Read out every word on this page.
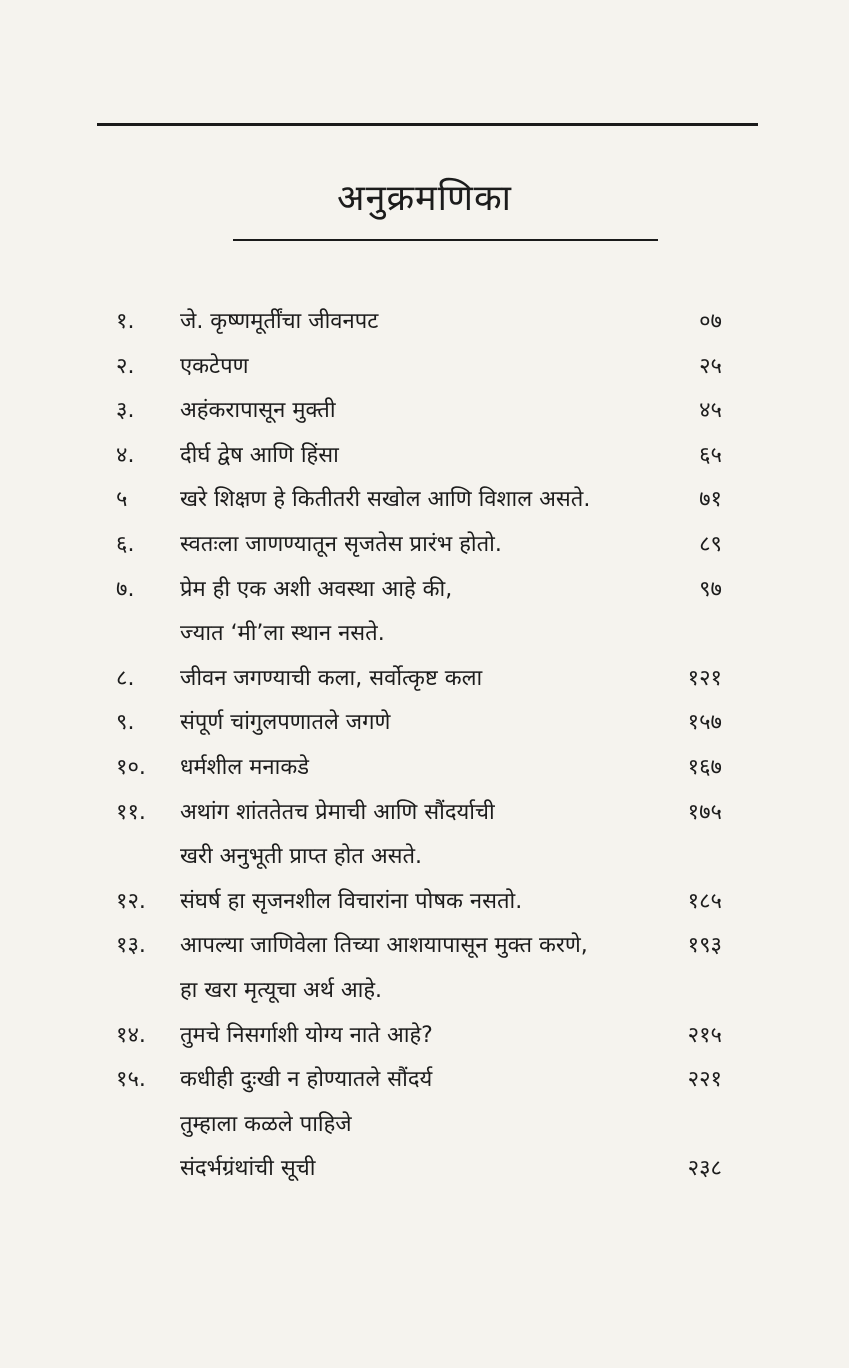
अनुक्रमणिका
१. जे. कृष्णमूर्तींचा जीवनपट	०७
२. एकटेपण	२५
३. अहंकरापासून मुक्ती	४५
४. दीर्घ द्वेष आणि हिंसा	६५
५ खरे शिक्षण हे कितीतरी सखोल आणि विशाल असते.	७१
६. स्वतःला जाणण्यातून सृजतेस प्रारंभ होतो.	८९
७. प्रेम ही एक अशी अवस्था आहे की,	९७
ज्यात ‘मी’ला स्थान नसते.
८. जीवन जगण्याची कला, सर्वोत्कृष्ट कला	१२१
९. संपूर्ण चांगुलपणातले जगणे	१५७
१०. धर्मशील मनाकडे	१६७
११. अथांग शांततेतच प्रेमाची आणि सौंदर्याची	१७५
खरी अनुभूती प्राप्त होत असते.
१२. संघर्ष हा सृजनशील विचारांना पोषक नसतो.	१८५
१३. आपल्या जाणिवेला तिच्या आशयापासून मुक्त करणे,	१९३
हा खरा मृत्यूचा अर्थ आहे.
१४. तुमचे निसर्गाशी योग्य नाते आहे?	२१५
१५. कधीही दुःखी न होण्यातले सौंदर्य	२२१
तुम्हाला कळले पाहिजे
संदर्भग्रंथांची सूची	२३८
